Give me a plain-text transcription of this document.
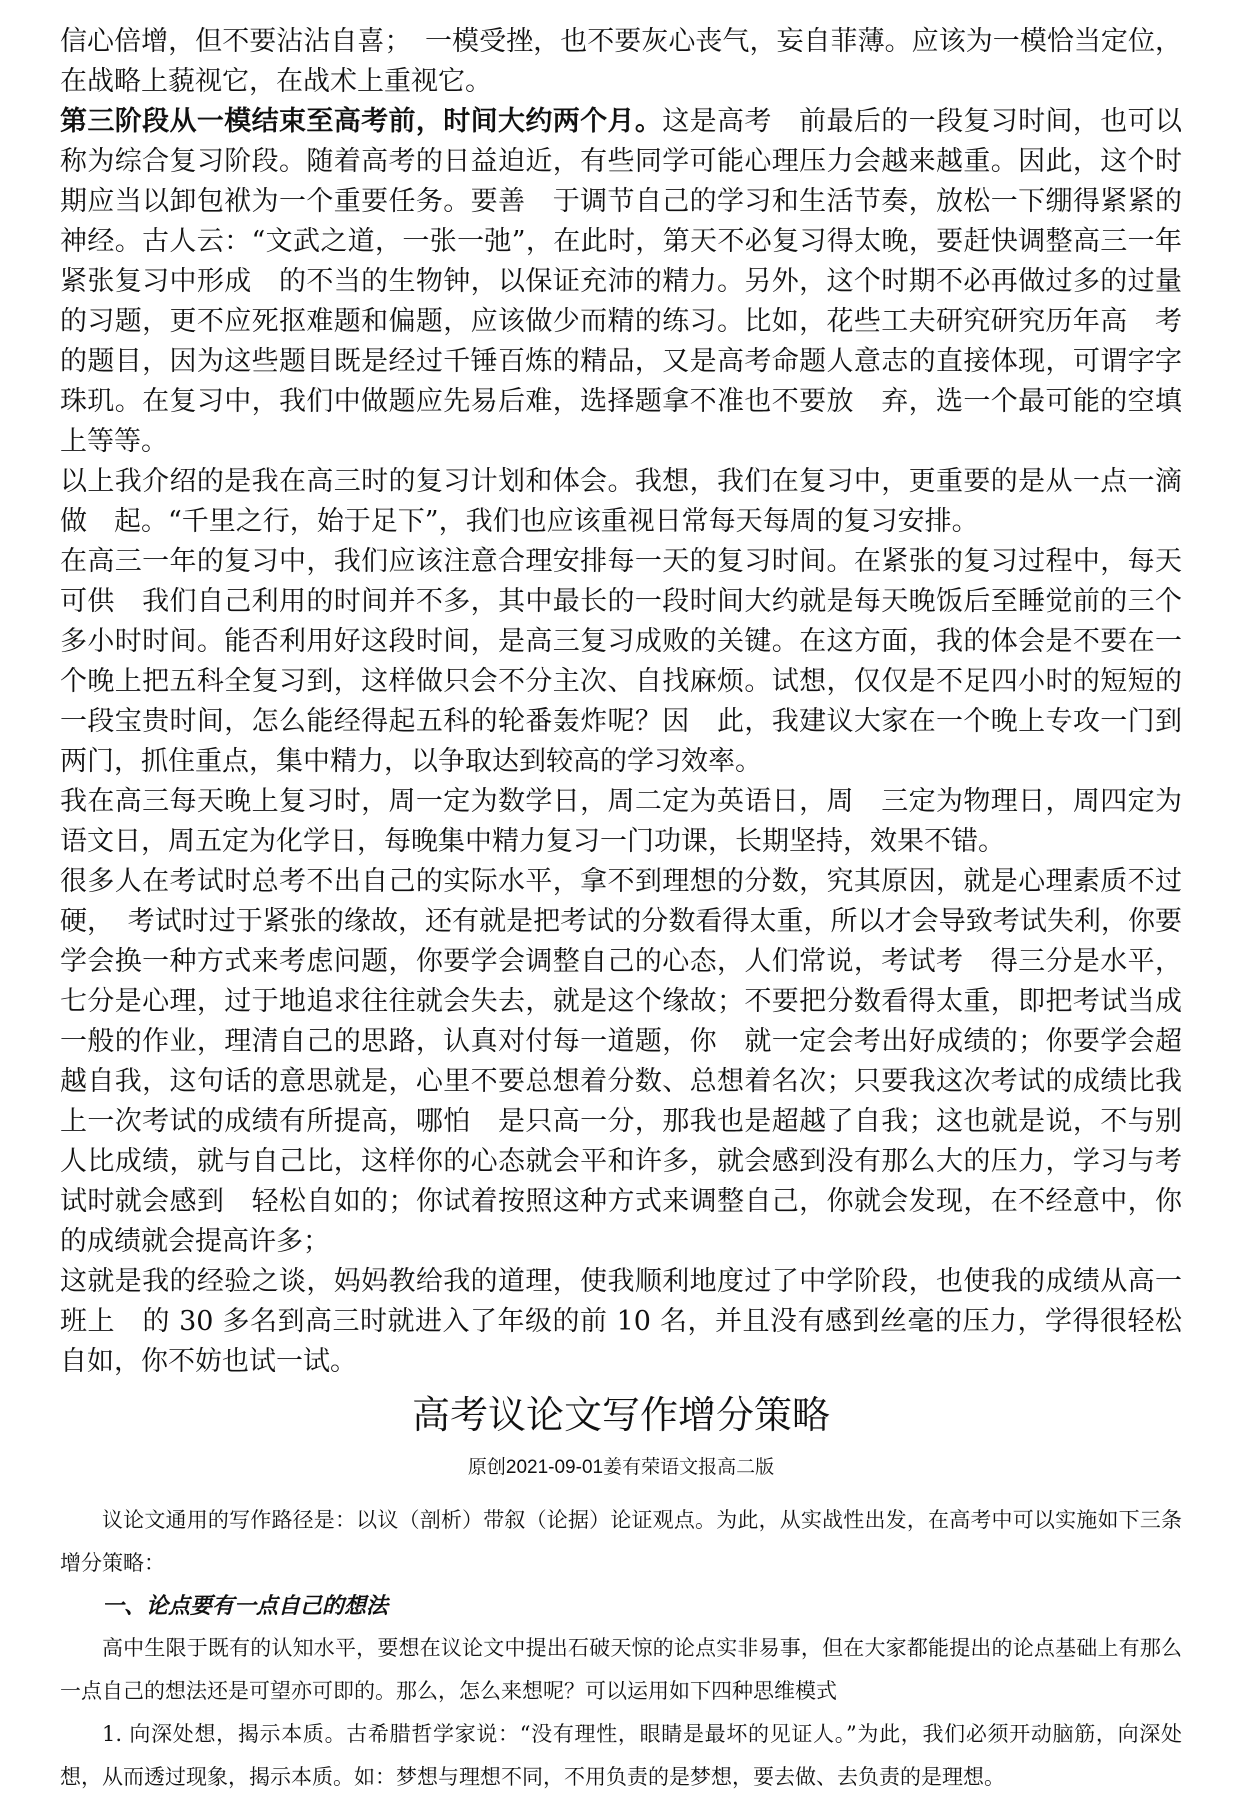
信心倍增，但不要沾沾自喜；　一模受挫，也不要灰心丧气，妄自菲薄。应该为一模恰当定位，在战略上藐视它，在战术上重视它。

第三阶段从一模结束至高考前，时间大约两个月。这是高考　前最后的一段复习时间，也可以称为综合复习阶段。随着高考的日益迫近，有些同学可能心理压力会越来越重。因此，这个时期应当以卸包袱为一个重要任务。要善　于调节自己的学习和生活节奏，放松一下绷得紧紧的神经。古人云：“文武之道，一张一弛”，在此时，第天不必复习得太晚，要赶快调整高三一年紧张复习中形成　的不当的生物钟，以保证充沛的精力。另外，这个时期不必再做过多的过量的习题，更不应死抠难题和偏题，应该做少而精的练习。比如，花些工夫研究研究历年高　考的题目，因为这些题目既是经过千锤百炼的精品，又是高考命题人意志的直接体现，可谓字字珠玑。在复习中，我们中做题应先易后难，选择题拿不准也不要放　弃，选一个最可能的空填上等等。

以上我介绍的是我在高三时的复习计划和体会。我想，我们在复习中，更重要的是从一点一滴做　起。“千里之行，始于足下”，我们也应该重视日常每天每周的复习安排。

在高三一年的复习中，我们应该注意合理安排每一天的复习时间。在紧张的复习过程中，每天可供　我们自己利用的时间并不多，其中最长的一段时间大约就是每天晚饭后至睡觉前的三个多小时时间。能否利用好这段时间，是高三复习成败的关键。在这方面，我的体会是不要在一个晚上把五科全复习到，这样做只会不分主次、自找麻烦。试想，仅仅是不足四小时的短短的一段宝贵时间，怎么能经得起五科的轮番轰炸呢？因　此，我建议大家在一个晚上专攻一门到两门，抓住重点，集中精力，以争取达到较高的学习效率。

我在高三每天晚上复习时，周一定为数学日，周二定为英语日，周　三定为物理日，周四定为语文日，周五定为化学日，每晚集中精力复习一门功课，长期坚持，效果不错。

很多人在考试时总考不出自己的实际水平，拿不到理想的分数，究其原因，就是心理素质不过硬，　考试时过于紧张的缘故，还有就是把考试的分数看得太重，所以才会导致考试失利，你要学会换一种方式来考虑问题，你要学会调整自己的心态，人们常说，考试考　得三分是水平，七分是心理，过于地追求往往就会失去，就是这个缘故；不要把分数看得太重，即把考试当成一般的作业，理清自己的思路，认真对付每一道题，你　就一定会考出好成绩的；你要学会超越自我，这句话的意思就是，心里不要总想着分数、总想着名次；只要我这次考试的成绩比我上一次考试的成绩有所提高，哪怕　是只高一分，那我也是超越了自我；这也就是说，不与别人比成绩，就与自己比，这样你的心态就会平和许多，就会感到没有那么大的压力，学习与考试时就会感到　轻松自如的；你试着按照这种方式来调整自己，你就会发现，在不经意中，你的成绩就会提高许多；

这就是我的经验之谈，妈妈教给我的道理，使我顺利地度过了中学阶段，也使我的成绩从高一班上　的 30 多名到高三时就进入了年级的前 10 名，并且没有感到丝毫的压力，学得很轻松自如，你不妨也试一试。

高考议论文写作增分策略
原创2021-09-01姜有荣语文报高二版

议论文通用的写作路径是：以议（剖析）带叙（论据）论证观点。为此，从实战性出发，在高考中可以实施如下三条增分策略：

一、论点要有一点自己的想法

高中生限于既有的认知水平，要想在议论文中提出石破天惊的论点实非易事，但在大家都能提出的论点基础上有那么一点自己的想法还是可望亦可即的。那么，怎么来想呢？可以运用如下四种思维模式

1. 向深处想，揭示本质。古希腊哲学家说：“没有理性，眼睛是最坏的见证人。”为此，我们必须开动脑筋，向深处想，从而透过现象，揭示本质。如：梦想与理想不同，不用负责的是梦想，要去做、去负责的是理想。
